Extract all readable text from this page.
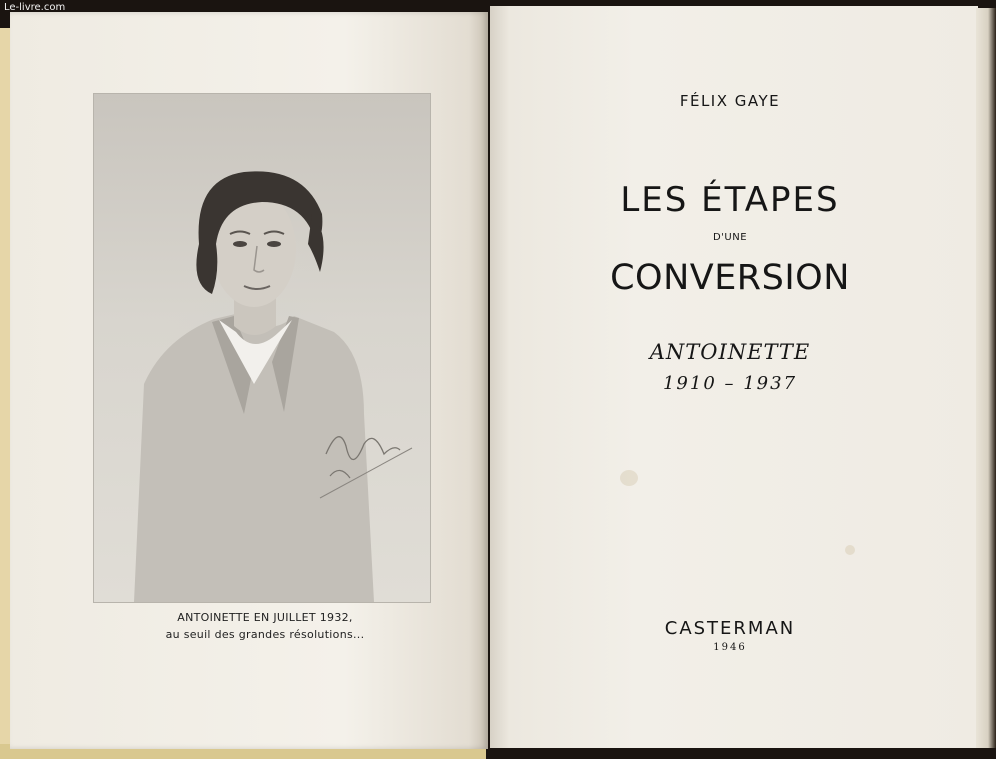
Le-livre.com
ANTOINETTE EN JUILLET 1932,
au seuil des grandes résolutions...
FÉLIX GAYE
LES ÉTAPES
D'UNE
CONVERSION
ANTOINETTE
1910 – 1937
CASTERMAN
1946
